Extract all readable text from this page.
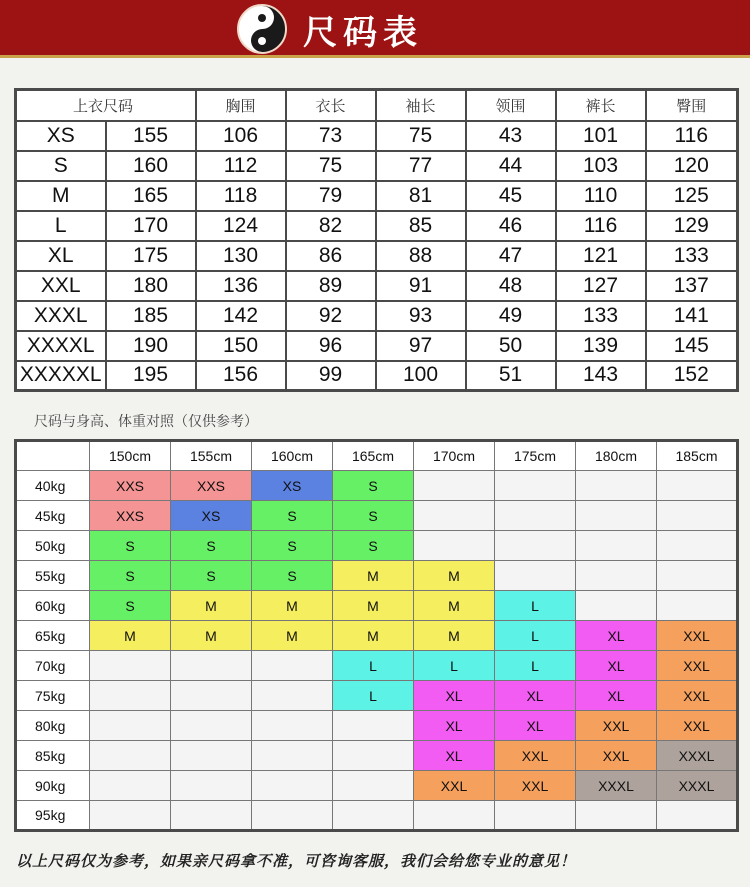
尺码表
上衣尺码		胸围	衣长	袖长	领围	裤长	臀围
XS	155	106	73	75	43	101	116
S	160	112	75	77	44	103	120
M	165	118	79	81	45	110	125
L	170	124	82	85	46	116	129
XL	175	130	86	88	47	121	133
XXL	180	136	89	91	48	127	137
XXXL	185	142	92	93	49	133	141
XXXXL	190	150	96	97	50	139	145
XXXXXL	195	156	99	100	51	143	152
尺码与身高、体重对照（仅供参考）
	150cm	155cm	160cm	165cm	170cm	175cm	180cm	185cm
40kg	XXS	XXS	XS	S				
45kg	XXS	XS	S	S				
50kg	S	S	S	S				
55kg	S	S	S	M	M			
60kg	S	M	M	M	M	L		
65kg	M	M	M	M	M	L	XL	XXL
70kg				L	L	L	XL	XXL
75kg				L	XL	XL	XL	XXL
80kg					XL	XL	XXL	XXL
85kg					XL	XXL	XXL	XXXL
90kg					XXL	XXL	XXXL	XXXL
95kg								
以上尺码仅为参考，如果亲尺码拿不准，可咨询客服，我们会给您专业的意见！
